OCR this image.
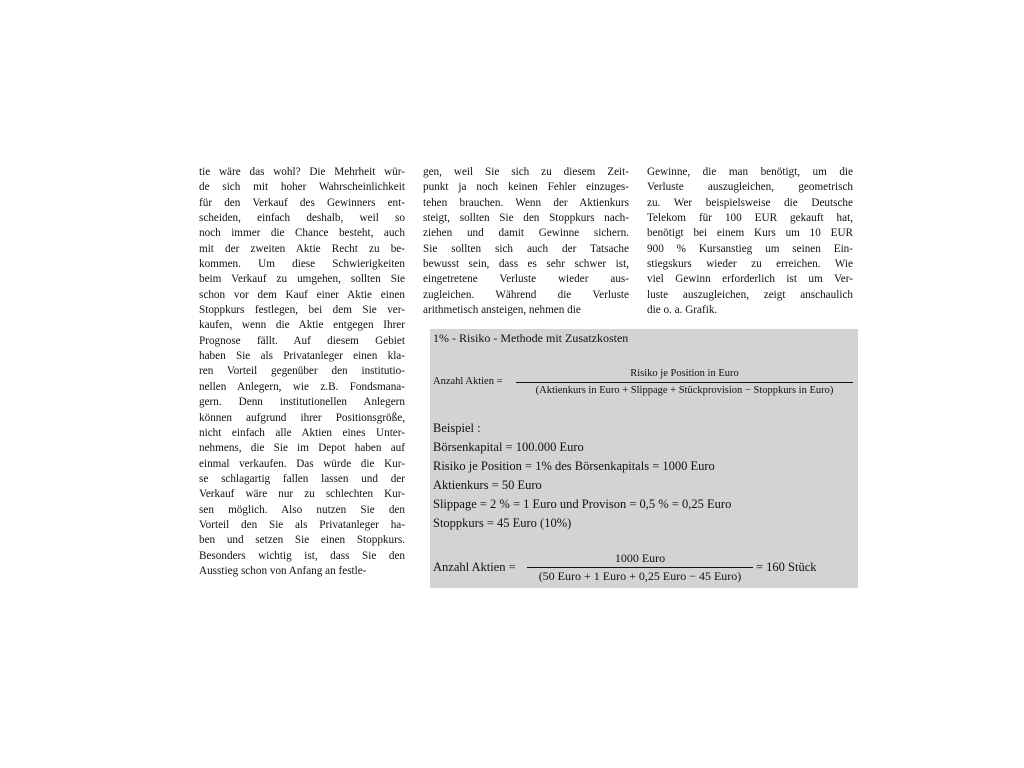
tie wäre das wohl? Die Mehrheit wür-
de sich mit hoher Wahrscheinlichkeit
für den Verkauf des Gewinners ent-
scheiden, einfach deshalb, weil so
noch immer die Chance besteht, auch
mit der zweiten Aktie Recht zu be-
kommen. Um diese Schwierigkeiten
beim Verkauf zu umgehen, sollten Sie
schon vor dem Kauf einer Aktie einen
Stoppkurs festlegen, bei dem Sie ver-
kaufen, wenn die Aktie entgegen Ihrer
Prognose fällt. Auf diesem Gebiet
haben Sie als Privatanleger einen kla-
ren Vorteil gegenüber den institutio-
nellen Anlegern, wie z.B. Fondsmana-
gern. Denn institutionellen Anlegern
können aufgrund ihrer Positionsgröße,
nicht einfach alle Aktien eines Unter-
nehmens, die Sie im Depot haben auf
einmal verkaufen. Das würde die Kur-
se schlagartig fallen lassen und der
Verkauf wäre nur zu schlechten Kur-
sen möglich. Also nutzen Sie den
Vorteil den Sie als Privatanleger ha-
ben und setzen Sie einen Stoppkurs.
Besonders wichtig ist, dass Sie den
Ausstieg schon von Anfang an festle-
gen, weil Sie sich zu diesem Zeit-
punkt ja noch keinen Fehler einzuges-
tehen brauchen. Wenn der Aktienkurs
steigt, sollten Sie den Stoppkurs nach-
ziehen und damit Gewinne sichern.
Sie sollten sich auch der Tatsache
bewusst sein, dass es sehr schwer ist,
eingetretene Verluste wieder aus-
zugleichen. Während die Verluste
arithmetisch ansteigen, nehmen die
Gewinne, die man benötigt, um die
Verluste auszugleichen, geometrisch
zu. Wer beispielsweise die Deutsche
Telekom für 100 EUR gekauft hat,
benötigt bei einem Kurs um 10 EUR
900 % Kursanstieg um seinen Ein-
stiegskurs wieder zu erreichen. Wie
viel Gewinn erforderlich ist um Ver-
luste auszugleichen, zeigt anschaulich
die o. a. Grafik.
1% - Risiko - Methode mit Zusatzkosten
Anzahl Aktien =
Risiko je Position in Euro
(Aktienkurs in Euro + Slippage + Stückprovision − Stoppkurs in Euro)
Beispiel :
Börsenkapital = 100.000 Euro
Risiko je Position = 1% des Börsenkapitals = 1000 Euro
Aktienkurs = 50 Euro
Slippage = 2 % = 1 Euro und Provison = 0,5 % = 0,25 Euro
Stoppkurs = 45 Euro (10%)
Anzahl Aktien =
1000 Euro
(50 Euro + 1 Euro + 0,25 Euro − 45 Euro)
= 160 Stück
